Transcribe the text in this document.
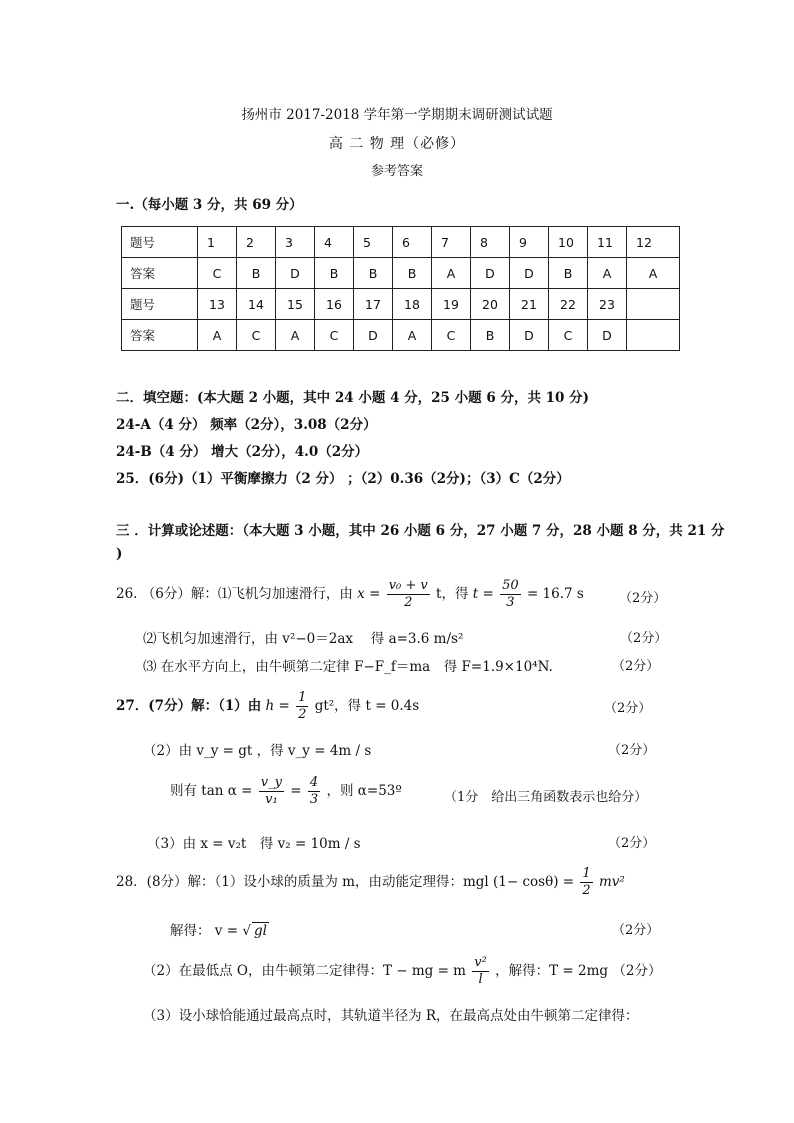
扬州市 2017-2018 学年第一学期期末调研测试试题
高 二 物 理（必修）
参考答案
一.（每小题 3 分，共 69 分）
题号	1	2	3	4	5	6	7	8	9	10	11	12
答案	C	B	D	B	B	B	A	D	D	B	A	A
题号	13	14	15	16	17	18	19	20	21	22	23	
答案	A	C	A	C	D	A	C	B	D	C	D	
二．填空题：(本大题 2 小题，其中 24 小题 4 分，25 小题 6 分，共 10 分)
24-A（4 分） 频率（2分），3.08（2分）
24-B（4 分） 增大（2分），4.0（2分）
25．(6分)（1）平衡摩擦力（2 分） ；（2）0.36（2分)；（3）C（2分）
三 ．计算或论述题：（本大题 3 小题，其中 26 小题 6 分，27 小题 7 分，28 小题 8 分，共 21 分
)
26. （6分）解：⑴飞机匀加速滑行，由 $x = \frac{\text{v₀ + v}}{2}$ t，得 $t = \frac{50}{3} = 16.7$ s	（2分）
⑵飞机匀加速滑行，由 v²−0＝2ax　 得 a=3.6 m/s²	（2分）
⑶ 在水平方向上，由牛顿第二定律 F−F_f＝ma　得 F=1.9×10⁴N.	（2分）
27．(7分）解：（1）由 $h = \frac{1}{2} gt^2$，得 t = 0.4s	（2分）
（2）由 v_y = gt ，得 v_y = 4m / s	（2分）
则有 $\tan \alpha = \frac{v\_y}{\text{v₁}} = \frac{4}{3}$ ，则 α=53º	（1分　给出三角函数表示也给分）
（3）由 x = v₂t　得 v₂ = 10m / s	（2分）
28．(8分）解：（1）设小球的质量为 m，由动能定理得：mgl $(1- \cos\theta) = \frac{1}{2} mv^2$
解得： v = √ gl	（2分）
（2）在最低点 O，由牛顿第二定律得：T − mg = m $\frac{\text{v²}}{l}$ ，解得：T = 2mg （2分）
（3）设小球恰能通过最高点时，其轨道半径为 R，在最高点处由牛顿第二定律得：
